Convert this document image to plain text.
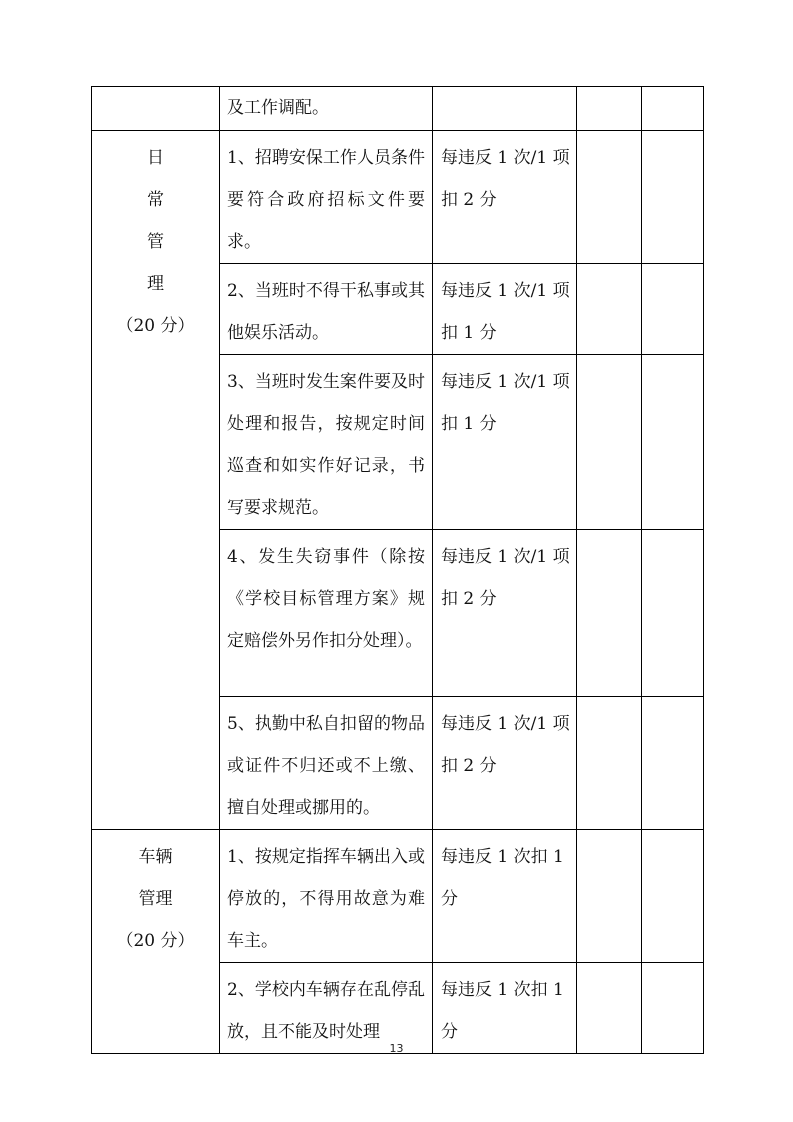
	及工作调配。			

日
常
管
理
（20 分）	1、招聘安保工作人员条件要符合政府招标文件要求。	每违反 1 次/1 项扣 2 分		
	2、当班时不得干私事或其他娱乐活动。	每违反 1 次/1 项扣 1 分		
	3、当班时发生案件要及时处理和报告，按规定时间巡查和如实作好记录，书写要求规范。	每违反 1 次/1 项扣 1 分		
	4、发生失窃事件（除按《学校目标管理方案》规定赔偿外另作扣分处理）。	每违反 1 次/1 项扣 2 分		
	5、执勤中私自扣留的物品或证件不归还或不上缴、擅自处理或挪用的。	每违反 1 次/1 项扣 2 分		

车辆
管理
（20 分）	1、按规定指挥车辆出入或停放的，不得用故意为难车主。	每违反 1 次扣 1 分		
	2、学校内车辆存在乱停乱放，且不能及时处理	每违反 1 次扣 1 分		
13
